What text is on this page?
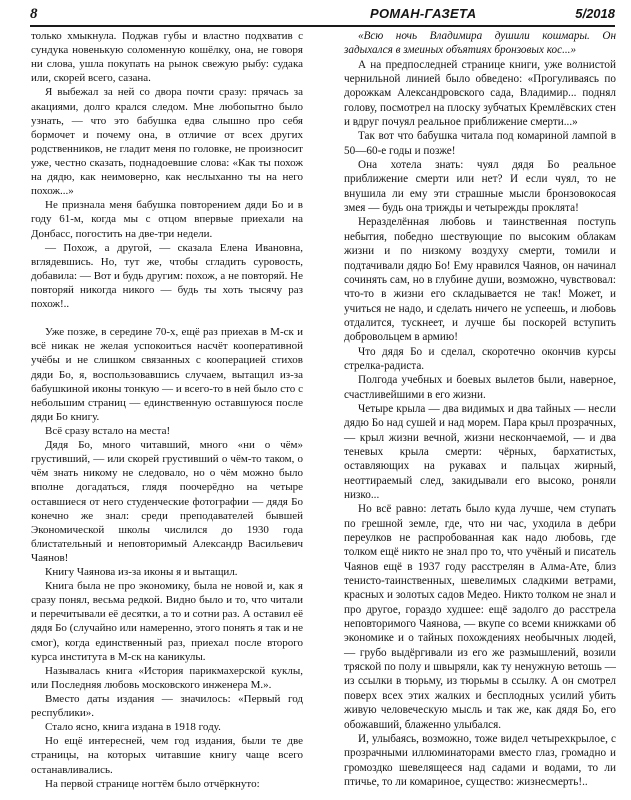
8	РОМАН-ГАЗЕТА	5/2018

только хмыкнула. Поджав губы и властно подхватив с сундука новенькую соломенную кошёлку, она, не говоря ни слова, ушла покупать на рынок свежую рыбу: судака или, скорей всего, сазана.

Я выбежал за ней со двора почти сразу: прячась за акациями, долго крался следом. Мне любопытно было узнать, — что это бабушка едва слышно про себя бормочет и почему она, в отличие от всех других родственников, не гладит меня по головке, не произносит уже, честно сказать, поднадоевшие слова: «Как ты похож на дядю, как неимоверно, как неслыханно ты на него похож...»

Не признала меня бабушка повторением дяди Бо и в году 61-м, когда мы с отцом впервые приехали на Донбасс, погостить на две-три недели.

— Похож, а другой, — сказала Елена Ивановна, вглядевшись. Но, тут же, чтобы сгладить суровость, добавила: — Вот и будь другим: похож, а не повторяй. Не повторяй никогда никого — будь ты хоть тысячу раз похож!..

Уже позже, в середине 70-х, ещё раз приехав в М-ск и всё никак не желая успокоиться насчёт кооперативной учёбы и не слишком связанных с кооперацией стихов дяди Бо, я, воспользовавшись случаем, вытащил из-за бабушкиной иконы тонкую — и всего-то в ней было сто с небольшим страниц — единственную оставшуюся после дяди Бо книгу.

Всё сразу встало на места!

Дядя Бо, много читавший, много «ни о чём» грустивший, — или скорей грустивший о чём-то таком, о чём знать никому не следовало, но о чём можно было вполне догадаться, глядя поочерёдно на четыре оставшиеся от него студенческие фотографии — дядя Бо конечно же знал: среди преподавателей бывшей Экономической школы числился до 1930 года блистательный и неповторимый Александр Васильевич Чаянов!

Книгу Чаянова из-за иконы я и вытащил.

Книга была не про экономику, была не новой и, как я сразу понял, весьма редкой. Видно было и то, что читали и перечитывали её десятки, а то и сотни раз. А оставил её дядя Бо (случайно или намеренно, этого понять я так и не смог), когда единственный раз, приехал после второго курса института в М-ск на каникулы.

Называлась книга «История парикмахерской куклы, или Последняя любовь московского инженера М.».

Вместо даты издания — значилось: «Первый год республики».

Стало ясно, книга издана в 1918 году.

Но ещё интересней, чем год издания, были те две страницы, на которых читавшие книгу чаще всего останавливались.

На первой странице ногтём было отчёркнуто:

«Всю ночь Владимира душили кошмары. Он задыхался в змеиных объятиях бронзовых кос...»

А на предпоследней странице книги, уже волнистой чернильной линией было обведено: «Прогуливаясь по дорожкам Александровского сада, Владимир... поднял голову, посмотрел на плоску зубчатых Кремлёвских стен и вдруг почуял реальное приближение смерти...»

Так вот что бабушка читала под комариной лампой в 50—60-е годы и позже!

Она хотела знать: чуял дядя Бо реальное приближение смерти или нет? И если чуял, то не внушила ли ему эти страшные мысли бронзовокосая змея — будь она трижды и четырежды проклята!

Неразделённая любовь и таинственная поступь небытия, победно шествующие по высоким облакам жизни и по низкому воздуху смерти, томили и подтачивали дядю Бо! Ему нравился Чаянов, он начинал сочинять сам, но в глубине души, возможно, чувствовал: что-то в жизни его складывается не так! Может, и учиться не надо, и сделать ничего не успеешь, и любовь отдалится, тускнеет, и лучше бы поскорей вступить добровольцем в армию!

Что дядя Бо и сделал, скоротечно окончив курсы стрелка-радиста.

Полгода учебных и боевых вылетов были, наверное, счастливейшими в его жизни.

Четыре крыла — два видимых и два тайных — несли дядю Бо над сушей и над морем. Пара крыл прозрачных, — крыл жизни вечной, жизни нескончаемой, — и два теневых крыла смерти: чёрных, бархатистых, оставляющих на рукавах и пальцах жирный, неоттираемый след, закидывали его высоко, роняли низко...

Но всё равно: летать было куда лучше, чем ступать по грешной земле, где, что ни час, уходила в дебри переулков не распробованная как надо любовь, где толком ещё никто не знал про то, что учёный и писатель Чаянов ещё в 1937 году расстрелян в Алма-Ате, близ тенисто-таинственных, шевелимых сладкими ветрами, красных и золотых садов Медео. Никто толком не знал и про другое, гораздо худшее: ещё задолго до расстрела неповторимого Чаянова, — вкупе со всеми книжками об экономике и о тайных похождениях необычных людей, — грубо выдёргивали из его же размышлений, возили тряской по полу и швыряли, как ту ненужную ветошь — из ссылки в тюрьму, из тюрьмы в ссылку. А он смотрел поверх всех этих жалких и бесплодных усилий убить живую человеческую мысль и так же, как дядя Бо, его обожавший, блаженно улыбался.

И, улыбаясь, возможно, тоже видел четырехкрылое, с прозрачными иллюминаторами вместо глаз, громадно и громоздко шевелящееся над садами и водами, то ли птичье, то ли комариное, существо: жизнесмерть!..
